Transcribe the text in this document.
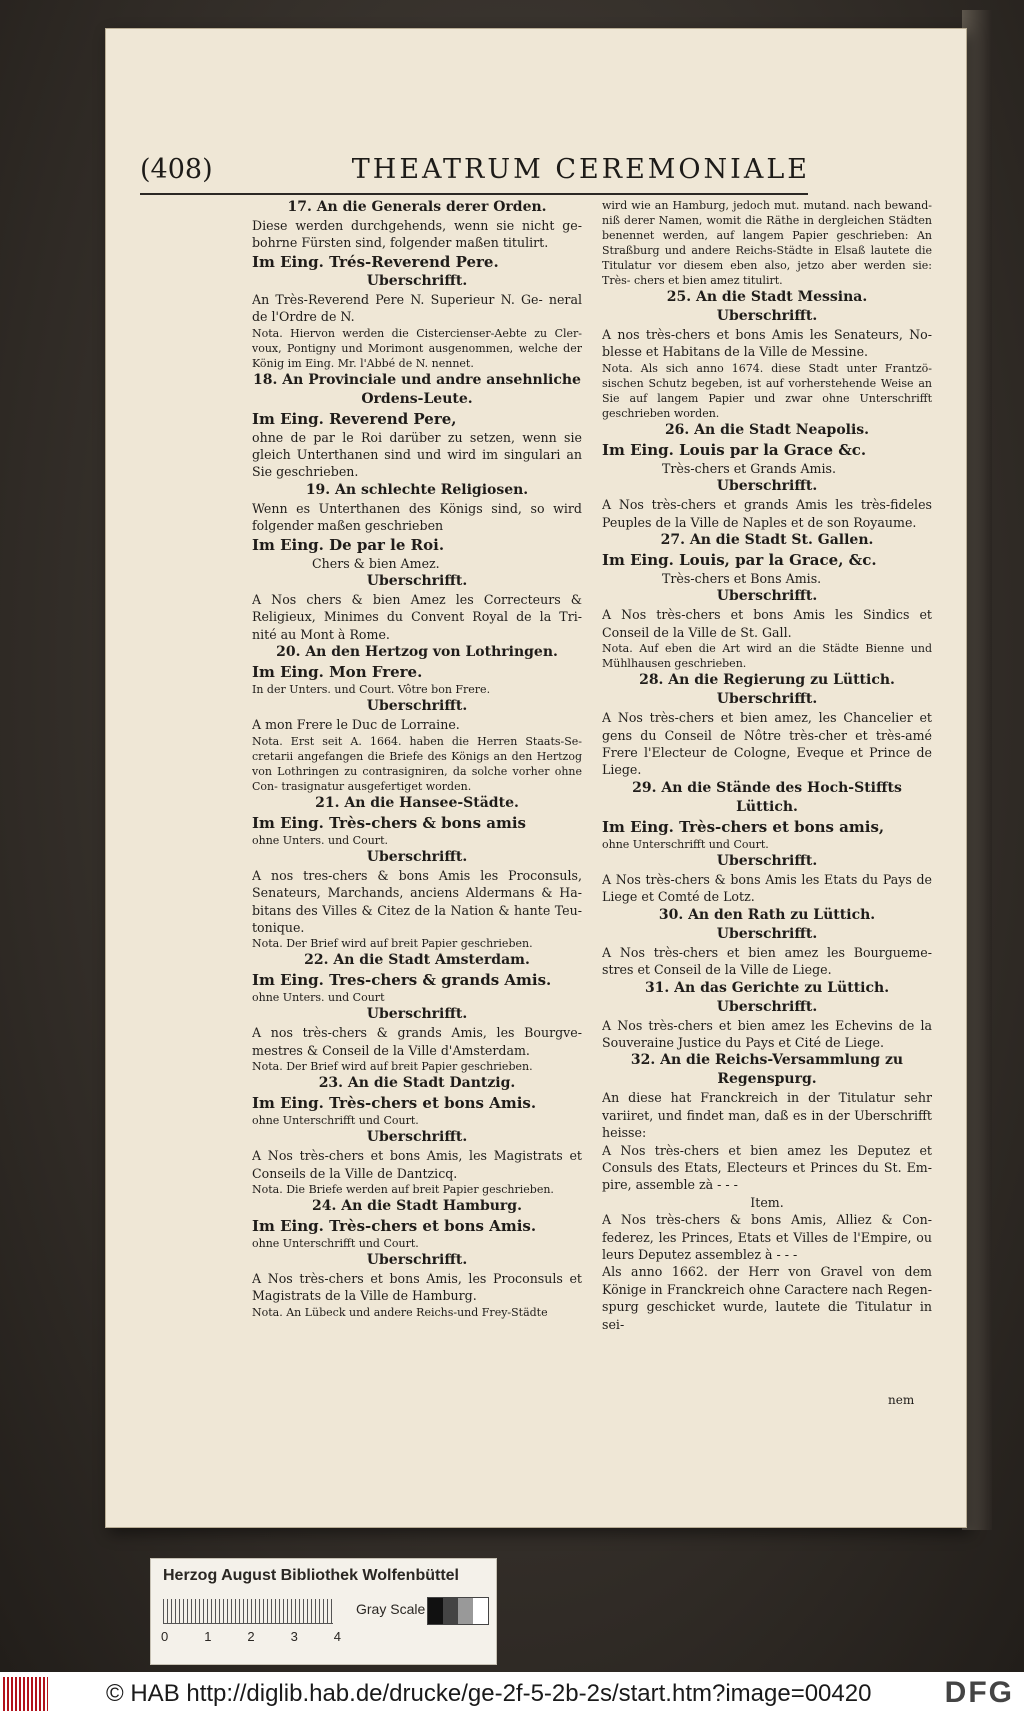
(408)	THEATRUM CEREMONIALE

17. An die Generals derer Orden.

Diese werden durchgehends, wenn sie nicht ge- bohrne Fürsten sind, folgender maßen titulirt.

Im Eing. Trés-Reverend Pere.

Uberschrifft.

An Très-Reverend Pere N. Superieur N. Ge- neral de l'Ordre de N.

Nota. Hiervon werden die Cistercienser-Aebte zu Cler- voux, Pontigny und Morimont ausgenommen, welche der König im Eing. Mr. l'Abbé de N. nennet.

18. An Provinciale und andre ansehnliche Ordens-Leute.

Im Eing. Reverend Pere,

ohne de par le Roi darüber zu setzen, wenn sie gleich Unterthanen sind und wird im singulari an Sie geschrieben.

19. An schlechte Religiosen.

Wenn es Unterthanen des Königs sind, so wird folgender maßen geschrieben

Im Eing. De par le Roi.

Chers & bien Amez.

Uberschrifft.

A Nos chers & bien Amez les Correcteurs & Religieux, Minimes du Convent Royal de la Tri- nité au Mont à Rome.

20. An den Hertzog von Lothringen.

Im Eing. Mon Frere.

In der Unters. und Court. Vôtre bon Frere.

Uberschrifft.

A mon Frere le Duc de Lorraine.

Nota. Erst seit A. 1664. haben die Herren Staats-Se- cretarii angefangen die Briefe des Königs an den Hertzog von Lothringen zu contrasigniren, da solche vorher ohne Con- trasignatur ausgefertiget worden.

21. An die Hansee-Städte.

Im Eing. Très-chers & bons amis

ohne Unters. und Court.

Uberschrifft.

A nos tres-chers & bons Amis les Proconsuls, Senateurs, Marchands, anciens Aldermans & Ha- bitans des Villes & Citez de la Nation & hante Teu- tonique.

Nota. Der Brief wird auf breit Papier geschrieben.

22. An die Stadt Amsterdam.

Im Eing. Tres-chers & grands Amis.

ohne Unters. und Court

Uberschrifft.

A nos très-chers & grands Amis, les Bourgve- mestres & Conseil de la Ville d'Amsterdam.

Nota. Der Brief wird auf breit Papier geschrieben.

23. An die Stadt Dantzig.

Im Eing. Très-chers et bons Amis.

ohne Unterschrifft und Court.

Uberschrifft.

A Nos très-chers et bons Amis, les Magistrats et Conseils de la Ville de Dantzicq.

Nota. Die Briefe werden auf breit Papier geschrieben.

24. An die Stadt Hamburg.

Im Eing. Très-chers et bons Amis.

ohne Unterschrifft und Court.

Uberschrifft.

A Nos très-chers et bons Amis, les Proconsuls et Magistrats de la Ville de Hamburg.

Nota. An Lübeck und andere Reichs-und Frey-Städte

wird wie an Hamburg, jedoch mut. mutand. nach bewand- niß derer Namen, womit die Räthe in dergleichen Städten benennet werden, auf langem Papier geschrieben: An Straßburg und andere Reichs-Städte in Elsaß lautete die Titulatur vor diesem eben also, jetzo aber werden sie: Très- chers et bien amez titulirt.

25. An die Stadt Messina.

Uberschrifft.

A nos très-chers et bons Amis les Senateurs, No- blesse et Habitans de la Ville de Messine.

Nota. Als sich anno 1674. diese Stadt unter Frantzö- sischen Schutz begeben, ist auf vorherstehende Weise an Sie auf langem Papier und zwar ohne Unterschrifft geschrieben worden.

26. An die Stadt Neapolis.

Im Eing. Louis par la Grace &c.

Très-chers et Grands Amis.

Uberschrifft.

A Nos très-chers et grands Amis les très-fideles Peuples de la Ville de Naples et de son Royaume.

27. An die Stadt St. Gallen.

Im Eing. Louis, par la Grace, &c.

Très-chers et Bons Amis.

Uberschrifft.

A Nos très-chers et bons Amis les Sindics et Conseil de la Ville de St. Gall.

Nota. Auf eben die Art wird an die Städte Bienne und Mühlhausen geschrieben.

28. An die Regierung zu Lüttich.

Uberschrifft.

A Nos très-chers et bien amez, les Chancelier et gens du Conseil de Nôtre très-cher et très-amé Frere l'Electeur de Cologne, Eveque et Prince de Liege.

29. An die Stände des Hoch-Stiffts Lüttich.

Im Eing. Très-chers et bons amis,

ohne Unterschrifft und Court.

Uberschrifft.

A Nos très-chers & bons Amis les Etats du Pays de Liege et Comté de Lotz.

30. An den Rath zu Lüttich.

Uberschrifft.

A Nos très-chers et bien amez les Bourgueme- stres et Conseil de la Ville de Liege.

31. An das Gerichte zu Lüttich.

Uberschrifft.

A Nos très-chers et bien amez les Echevins de la Souveraine Justice du Pays et Cité de Liege.

32. An die Reichs-Versammlung zu Regenspurg.

An diese hat Franckreich in der Titulatur sehr variiret, und findet man, daß es in der Uberschrifft heisse:

A Nos très-chers et bien amez les Deputez et Consuls des Etats, Electeurs et Princes du St. Em- pire, assemble zà - - -

Item.

A Nos très-chers & bons Amis, Alliez & Con- federez, les Princes, Etats et Villes de l'Empire, ou leurs Deputez assemblez à - - -

Als anno 1662. der Herr von Gravel von dem Könige in Franckreich ohne Caractere nach Regen- spurg geschicket wurde, lautete die Titulatur in sei-

nem
Herzog August Bibliothek Wolfenbüttel
0	1	2	3	4
Gray Scale
© HAB http://diglib.hab.de/drucke/ge-2f-5-2b-2s/start.htm?image=00420 DFG
